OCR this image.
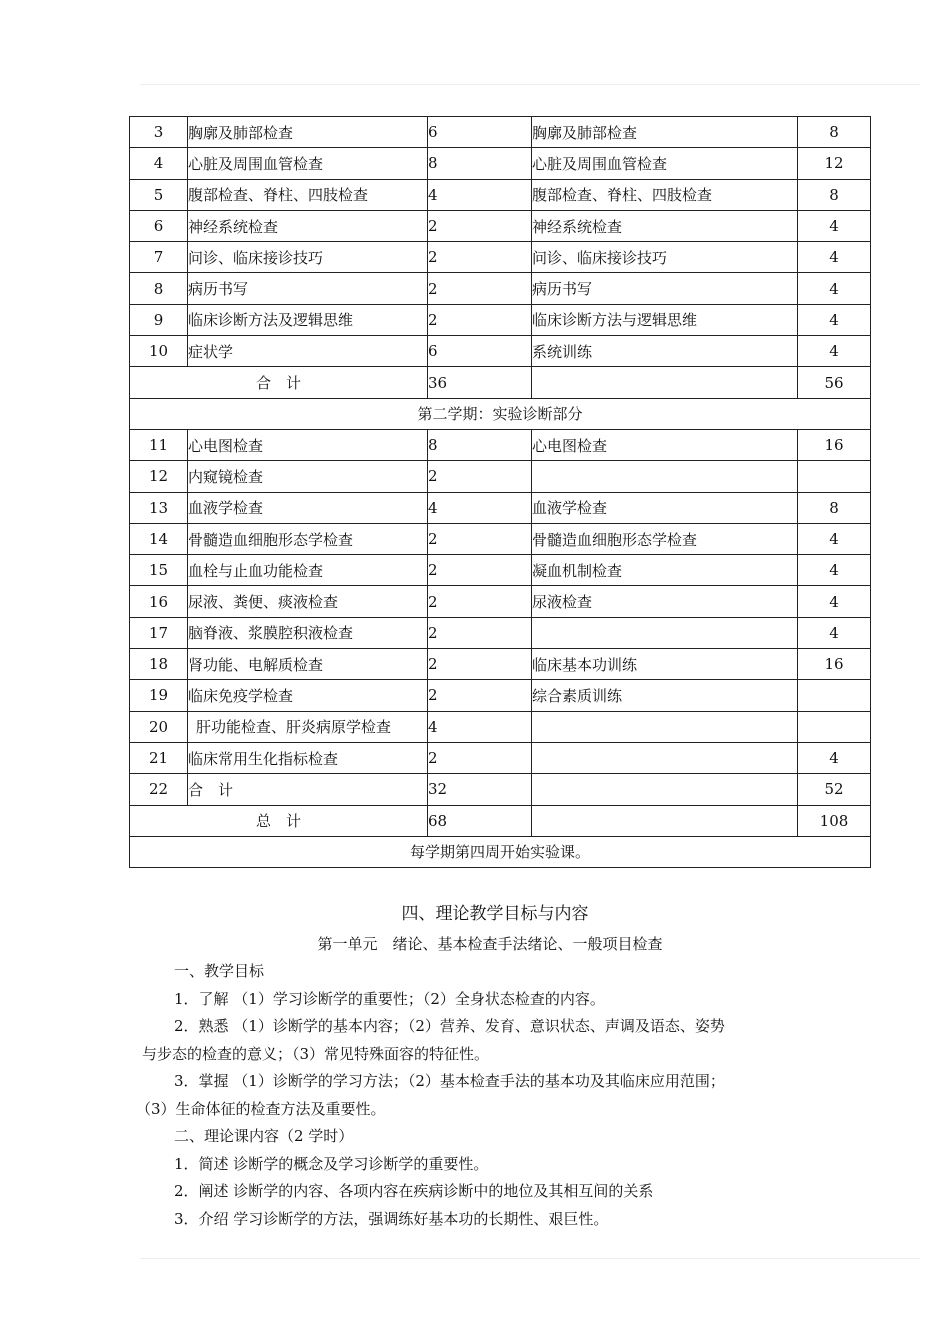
3	胸廓及肺部检查	6	胸廓及肺部检查	8
4	心脏及周围血管检查	8	心脏及周围血管检查	12
5	腹部检查、脊柱、四肢检查	4	腹部检查、脊柱、四肢检查	8
6	神经系统检查	2	神经系统检查	4
7	问诊、临床接诊技巧	2	问诊、临床接诊技巧	4
8	病历书写	2	病历书写	4
9	临床诊断方法及逻辑思维	2	临床诊断方法与逻辑思维	4
10	症状学	6	系统训练	4
合　计		36		56
第二学期：实验诊断部分				
11	心电图检查	8	心电图检查	16
12	内窥镜检查	2		
13	血液学检查	4	血液学检查	8
14	骨髓造血细胞形态学检查	2	骨髓造血细胞形态学检查	4
15	血栓与止血功能检查	2	凝血机制检查	4
16	尿液、粪便、痰液检查	2	尿液检查	4
17	脑脊液、浆膜腔积液检查	2		4
18	肾功能、电解质检查	2	临床基本功训练	16
19	临床免疫学检查	2	综合素质训练	
20	肝功能检查、肝炎病原学检查	4		
21	临床常用生化指标检查	2		4
22	合　计	32		52
总　计		68		108
每学期第四周开始实验课。				
四、理论教学目标与内容
第一单元　绪论、基本检查手法绪论、一般项目检查
一、教学目标
1．了解 （1）学习诊断学的重要性；（2）全身状态检查的内容。
2．熟悉 （1）诊断学的基本内容；（2）营养、发育、意识状态、声调及语态、姿势
与步态的检查的意义；（3）常见特殊面容的特征性。
3．掌握 （1）诊断学的学习方法；（2）基本检查手法的基本功及其临床应用范围；
（3）生命体征的检查方法及重要性。
二、理论课内容（2 学时）
1．简述 诊断学的概念及学习诊断学的重要性。
2．阐述 诊断学的内容、各项内容在疾病诊断中的地位及其相互间的关系
3．介绍 学习诊断学的方法，强调练好基本功的长期性、艰巨性。
